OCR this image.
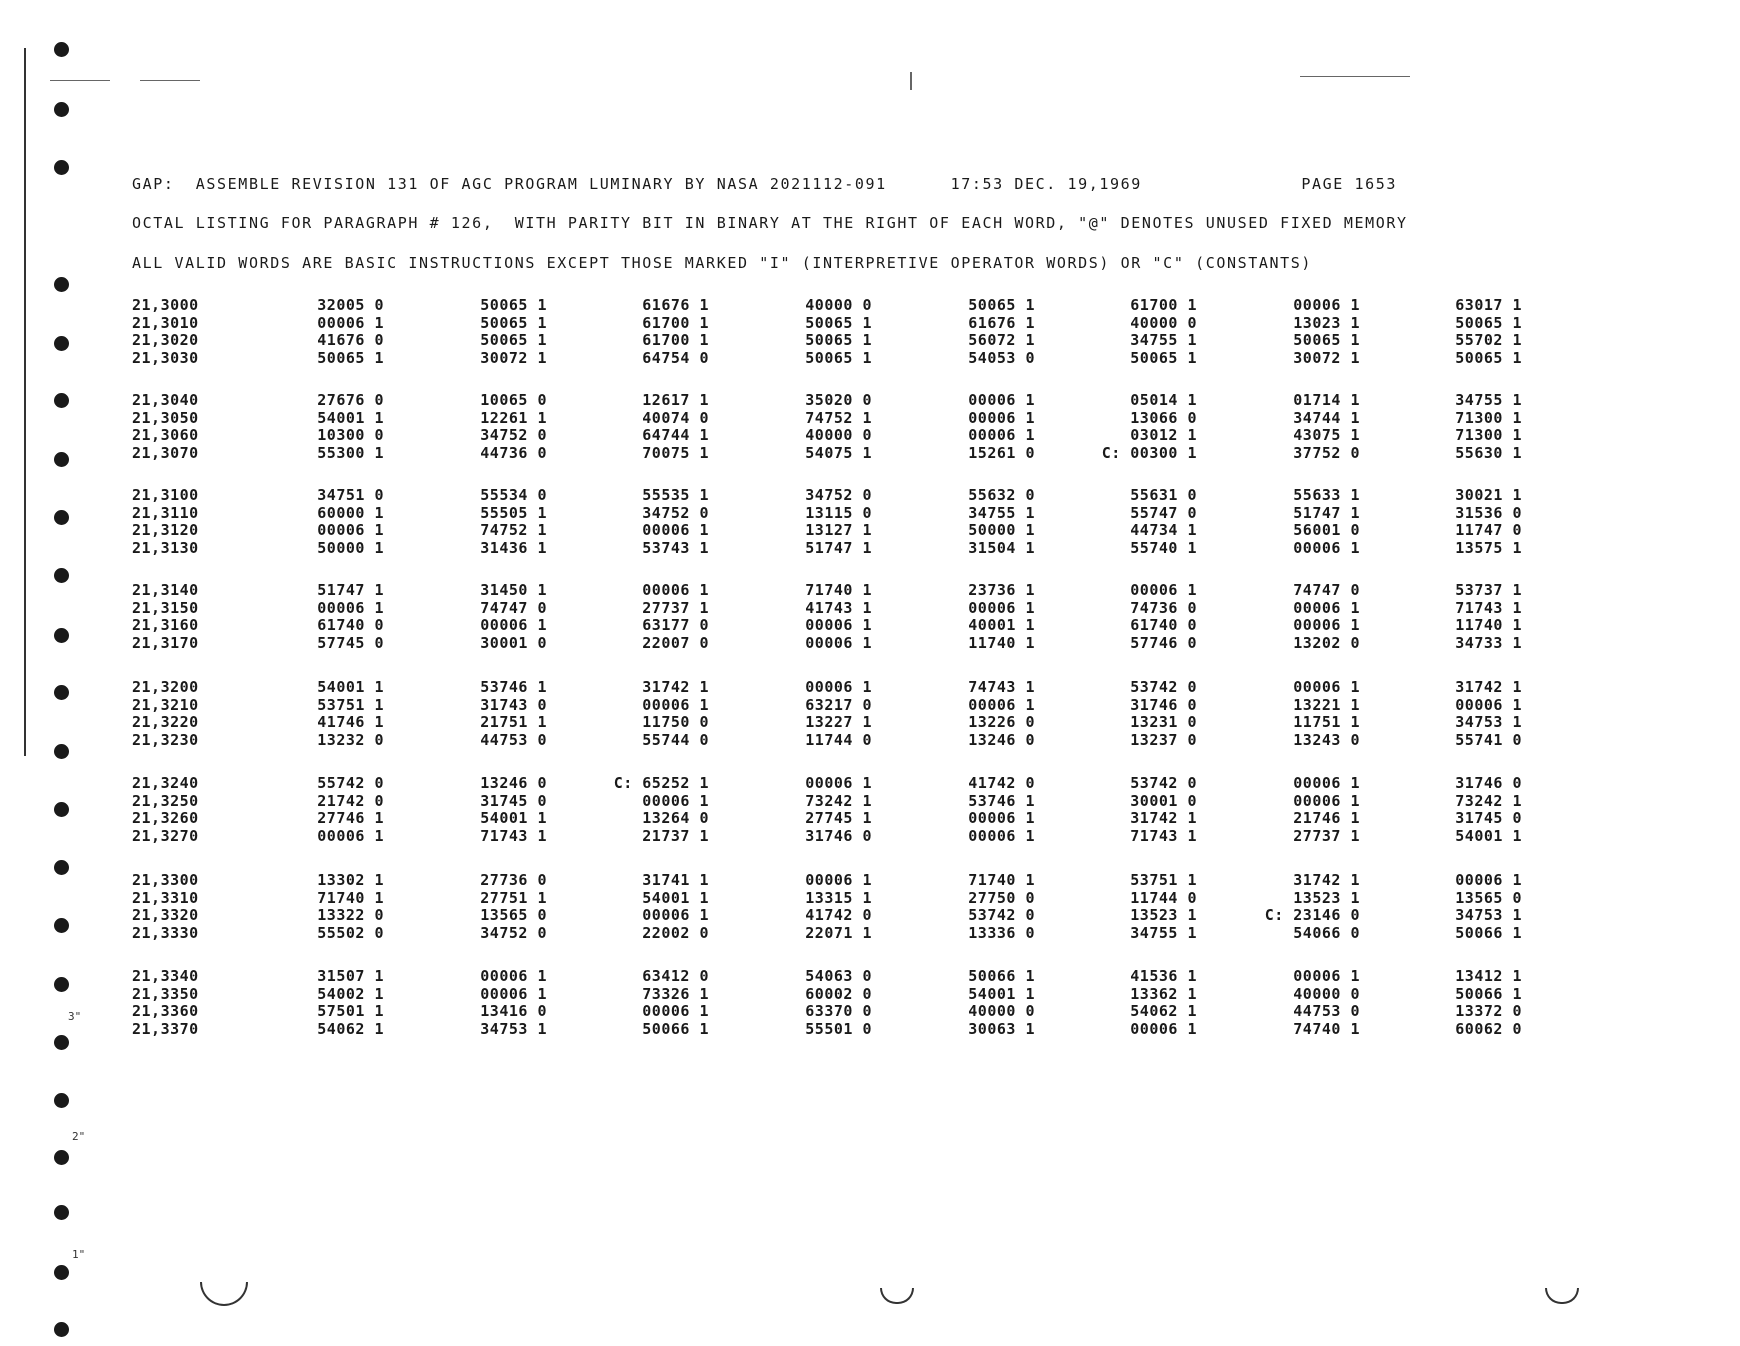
3"
2"
1"
GAP:  ASSEMBLE REVISION 131 OF AGC PROGRAM LUMINARY BY NASA 2021112-091      17:53 DEC. 19,1969               PAGE 1653
OCTAL LISTING FOR PARAGRAPH # 126,  WITH PARITY BIT IN BINARY AT THE RIGHT OF EACH WORD, "@" DENOTES UNUSED FIXED MEMORY
ALL VALID WORDS ARE BASIC INSTRUCTIONS EXCEPT THOSE MARKED "I" (INTERPRETIVE OPERATOR WORDS) OR "C" (CONSTANTS)
21,3000	32005 0	50065 1	61676 1	40000 0	50065 1	61700 1	00006 1	63017 1
21,3010	00006 1	50065 1	61700 1	50065 1	61676 1	40000 0	13023 1	50065 1
21,3020	41676 0	50065 1	61700 1	50065 1	56072 1	34755 1	50065 1	55702 1
21,3030	50065 1	30072 1	64754 0	50065 1	54053 0	50065 1	30072 1	50065 1
21,3040	27676 0	10065 0	12617 1	35020 0	00006 1	05014 1	01714 1	34755 1
21,3050	54001 1	12261 1	40074 0	74752 1	00006 1	13066 0	34744 1	71300 1
21,3060	10300 0	34752 0	64744 1	40000 0	00006 1	03012 1	43075 1	71300 1
21,3070	55300 1	44736 0	70075 1	54075 1	15261 0	C: 00300 1	37752 0	55630 1
21,3100	34751 0	55534 0	55535 1	34752 0	55632 0	55631 0	55633 1	30021 1
21,3110	60000 1	55505 1	34752 0	13115 0	34755 1	55747 0	51747 1	31536 0
21,3120	00006 1	74752 1	00006 1	13127 1	50000 1	44734 1	56001 0	11747 0
21,3130	50000 1	31436 1	53743 1	51747 1	31504 1	55740 1	00006 1	13575 1
21,3140	51747 1	31450 1	00006 1	71740 1	23736 1	00006 1	74747 0	53737 1
21,3150	00006 1	74747 0	27737 1	41743 1	00006 1	74736 0	00006 1	71743 1
21,3160	61740 0	00006 1	63177 0	00006 1	40001 1	61740 0	00006 1	11740 1
21,3170	57745 0	30001 0	22007 0	00006 1	11740 1	57746 0	13202 0	34733 1
21,3200	54001 1	53746 1	31742 1	00006 1	74743 1	53742 0	00006 1	31742 1
21,3210	53751 1	31743 0	00006 1	63217 0	00006 1	31746 0	13221 1	00006 1
21,3220	41746 1	21751 1	11750 0	13227 1	13226 0	13231 0	11751 1	34753 1
21,3230	13232 0	44753 0	55744 0	11744 0	13246 0	13237 0	13243 0	55741 0
21,3240	55742 0	13246 0	C: 65252 1	00006 1	41742 0	53742 0	00006 1	31746 0
21,3250	21742 0	31745 0	00006 1	73242 1	53746 1	30001 0	00006 1	73242 1
21,3260	27746 1	54001 1	13264 0	27745 1	00006 1	31742 1	21746 1	31745 0
21,3270	00006 1	71743 1	21737 1	31746 0	00006 1	71743 1	27737 1	54001 1
21,3300	13302 1	27736 0	31741 1	00006 1	71740 1	53751 1	31742 1	00006 1
21,3310	71740 1	27751 1	54001 1	13315 1	27750 0	11744 0	13523 1	13565 0
21,3320	13322 0	13565 0	00006 1	41742 0	53742 0	13523 1	C: 23146 0	34753 1
21,3330	55502 0	34752 0	22002 0	22071 1	13336 0	34755 1	54066 0	50066 1
21,3340	31507 1	00006 1	63412 0	54063 0	50066 1	41536 1	00006 1	13412 1
21,3350	54002 1	00006 1	73326 1	60002 0	54001 1	13362 1	40000 0	50066 1
21,3360	57501 1	13416 0	00006 1	63370 0	40000 0	54062 1	44753 0	13372 0
21,3370	54062 1	34753 1	50066 1	55501 0	30063 1	00006 1	74740 1	60062 0
